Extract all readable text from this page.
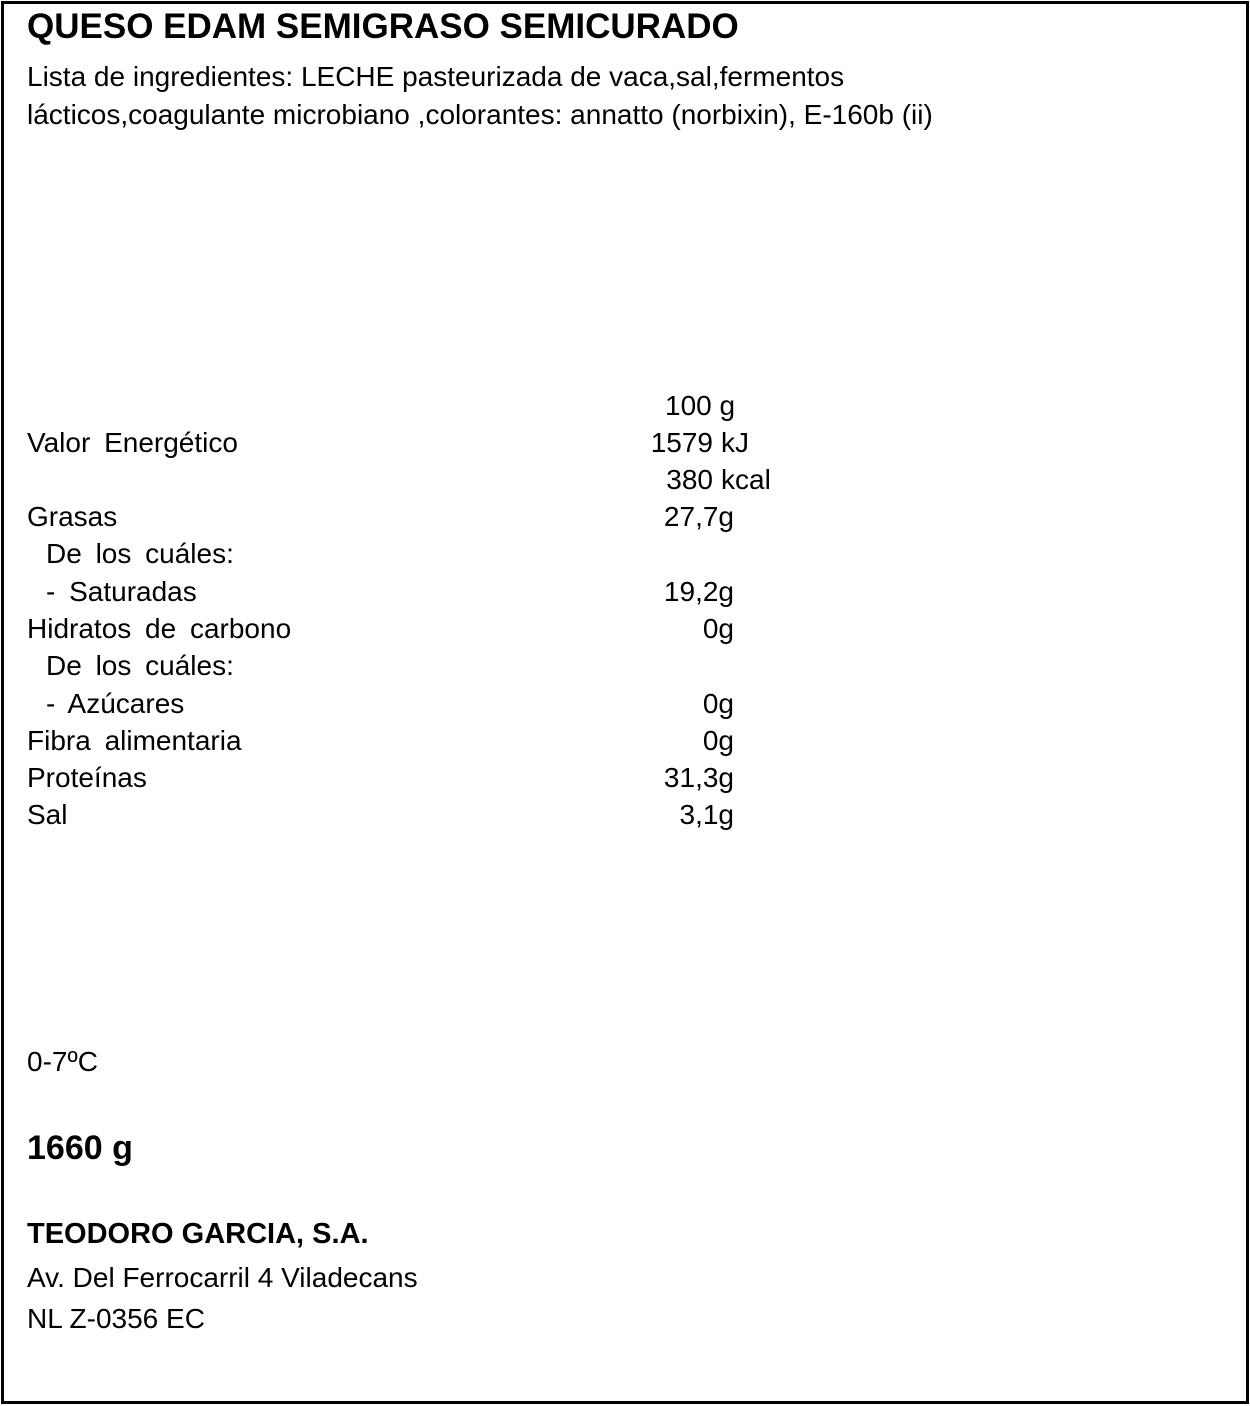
QUESO EDAM SEMIGRASO SEMICURADO
Lista de ingredientes: LECHE pasteurizada de vaca,sal,fermentos
lácticos,coagulante microbiano ,colorantes: annatto (norbixin), E-160b (ii)
100 g
Valor Energético	1579 kJ
380 kcal
Grasas	27,7g
De los cuáles:
- Saturadas	19,2g
Hidratos de carbono	0g
De los cuáles:
- Azúcares	0g
Fibra alimentaria	0g
Proteínas	31,3g
Sal	3,1g
0-7ºC
1660 g
TEODORO GARCIA, S.A.
Av. Del Ferrocarril 4 Viladecans
NL Z-0356 EC
